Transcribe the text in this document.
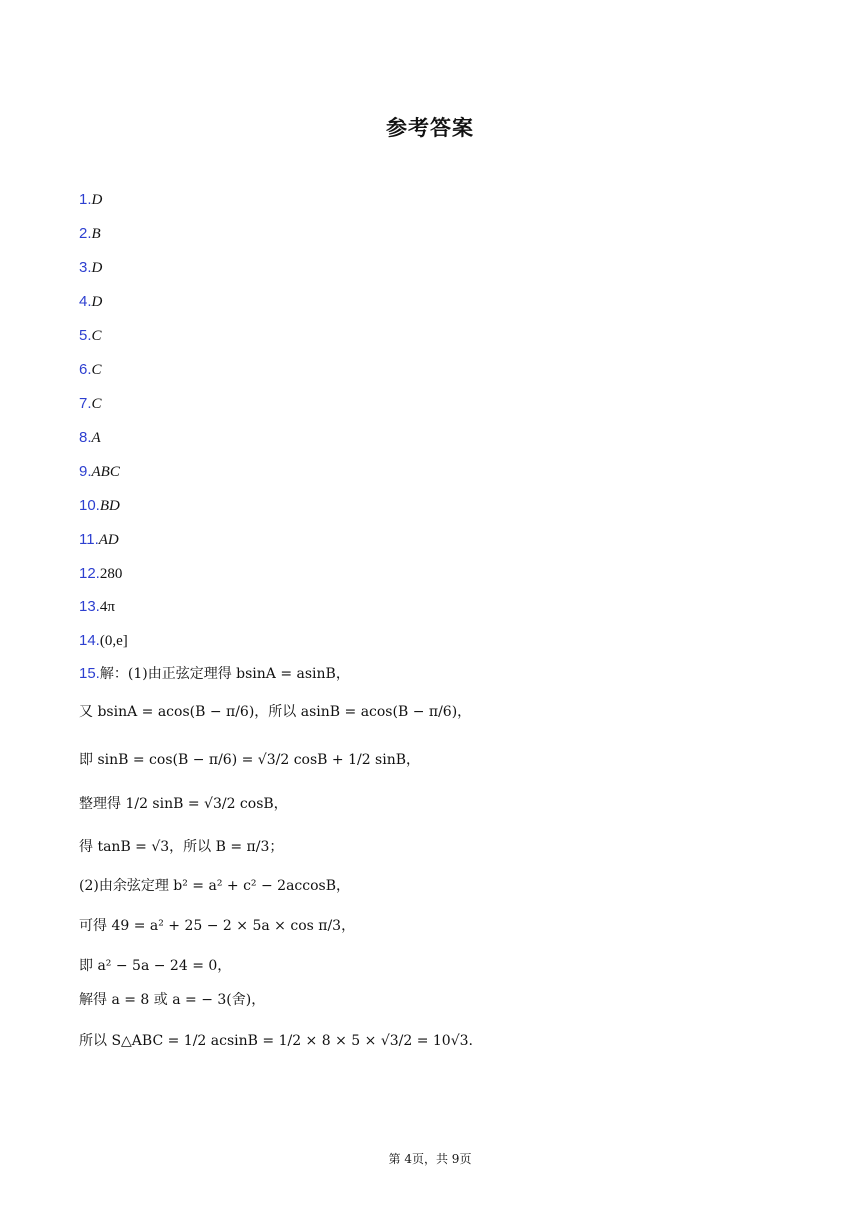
参考答案
1.D
2.B
3.D
4.D
5.C
6.C
7.C
8.A
9.ABC
10.BD
11.AD
12.280
13.4π
14.(0,e]
15.解：(1)由正弦定理得 bsinA = asinB，
又 bsinA = acos(B − π/6)，所以 asinB = acos(B − π/6)，
即 sinB = cos(B − π/6) = √3/2 cosB + 1/2 sinB，
整理得 1/2 sinB = √3/2 cosB，
得 tanB = √3，所以 B = π/3；
(2)由余弦定理 b² = a² + c² − 2accosB，
可得 49 = a² + 25 − 2 × 5a × cos π/3，
即 a² − 5a − 24 = 0，
解得 a = 8 或 a = − 3(舍)，
所以 S△ABC = 1/2 acsinB = 1/2 × 8 × 5 × √3/2 = 10√3.
第 4页，共 9页
